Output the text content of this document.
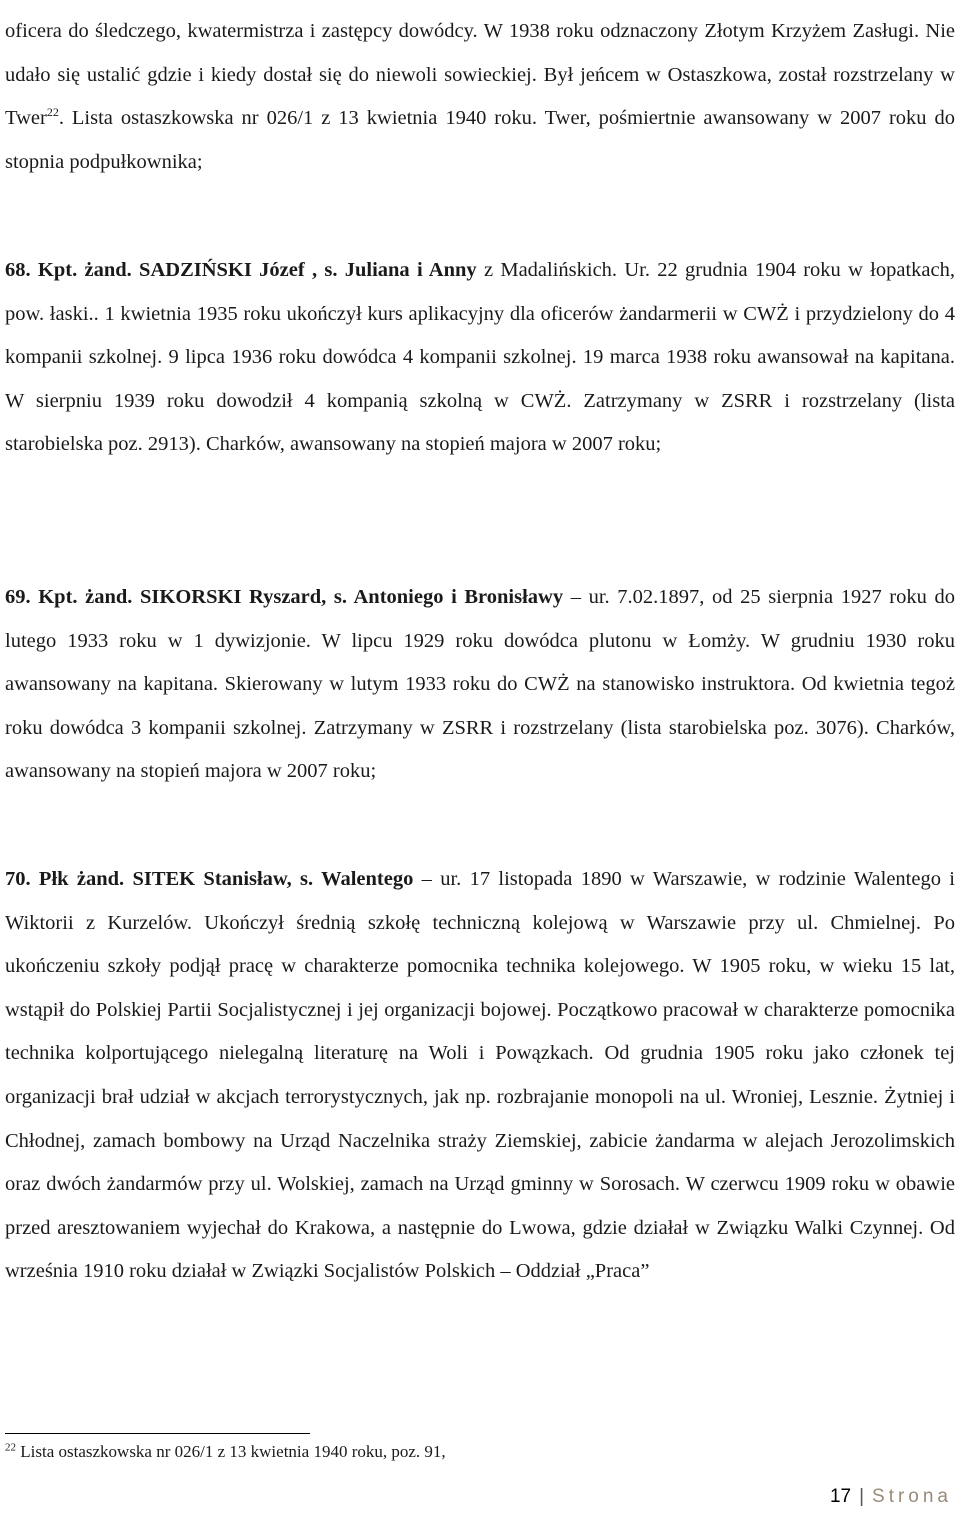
oficera do śledczego, kwatermistrza i zastępcy dowódcy. W 1938 roku odznaczony Złotym Krzyżem Zasługi. Nie udało się ustalić gdzie i kiedy dostał się do niewoli sowieckiej. Był jeńcem w Ostaszkowa, został rozstrzelany w Twer$^{22}$. Lista ostaszkowska nr 026/1 z 13 kwietnia 1940 roku. Twer, pośmiertnie awansowany w 2007 roku do stopnia podpułkownika;

68. Kpt. żand. SADZIŃSKI Józef , s. Juliana i Anny z Madalińskich. Ur. 22 grudnia 1904 roku w łopatkach, pow. łaski.. 1 kwietnia 1935 roku ukończył kurs aplikacyjny dla oficerów żandarmerii w CWŻ i przydzielony do 4 kompanii szkolnej. 9 lipca 1936 roku dowódca 4 kompanii szkolnej. 19 marca 1938 roku awansował na kapitana. W sierpniu 1939 roku dowodził 4 kompanią szkolną w CWŻ. Zatrzymany w ZSRR i rozstrzelany (lista starobielska poz. 2913). Charków, awansowany na stopień majora w 2007 roku;

69. Kpt. żand. SIKORSKI Ryszard, s. Antoniego i Bronisławy – ur. 7.02.1897, od 25 sierpnia 1927 roku do lutego 1933 roku w 1 dywizjonie. W lipcu 1929 roku dowódca plutonu w Łomży. W grudniu 1930 roku awansowany na kapitana. Skierowany w lutym 1933 roku do CWŻ na stanowisko instruktora. Od kwietnia tegoż roku dowódca 3 kompanii szkolnej. Zatrzymany w ZSRR i rozstrzelany (lista starobielska poz. 3076). Charków, awansowany na stopień majora w 2007 roku;

70. Płk żand. SITEK Stanisław, s. Walentego – ur. 17 listopada 1890 w Warszawie, w rodzinie Walentego i Wiktorii z Kurzelów. Ukończył średnią szkołę techniczną kolejową w Warszawie przy ul. Chmielnej. Po ukończeniu szkoły podjął pracę w charakterze pomocnika technika kolejowego. W 1905 roku, w wieku 15 lat, wstąpił do Polskiej Partii Socjalistycznej i jej organizacji bojowej. Początkowo pracował w charakterze pomocnika technika kolportującego nielegalną literaturę na Woli i Powązkach. Od grudnia 1905 roku jako członek tej organizacji brał udział w akcjach terrorystycznych, jak np. rozbrajanie monopoli na ul. Wroniej, Lesznie. Żytniej i Chłodnej, zamach bombowy na Urząd Naczelnika straży Ziemskiej, zabicie żandarma w alejach Jerozolimskich oraz dwóch żandarmów przy ul. Wolskiej, zamach na Urząd gminny w Sorosach. W czerwcu 1909 roku w obawie przed aresztowaniem wyjechał do Krakowa, a następnie do Lwowa, gdzie działał w Związku Walki Czynnej. Od września 1910 roku działał w Związki Socjalistów Polskich – Oddział „Praca”

$^{22}$ Lista ostaszkowska nr 026/1 z 13 kwietnia 1940 roku, poz. 91,

17 | Strona
